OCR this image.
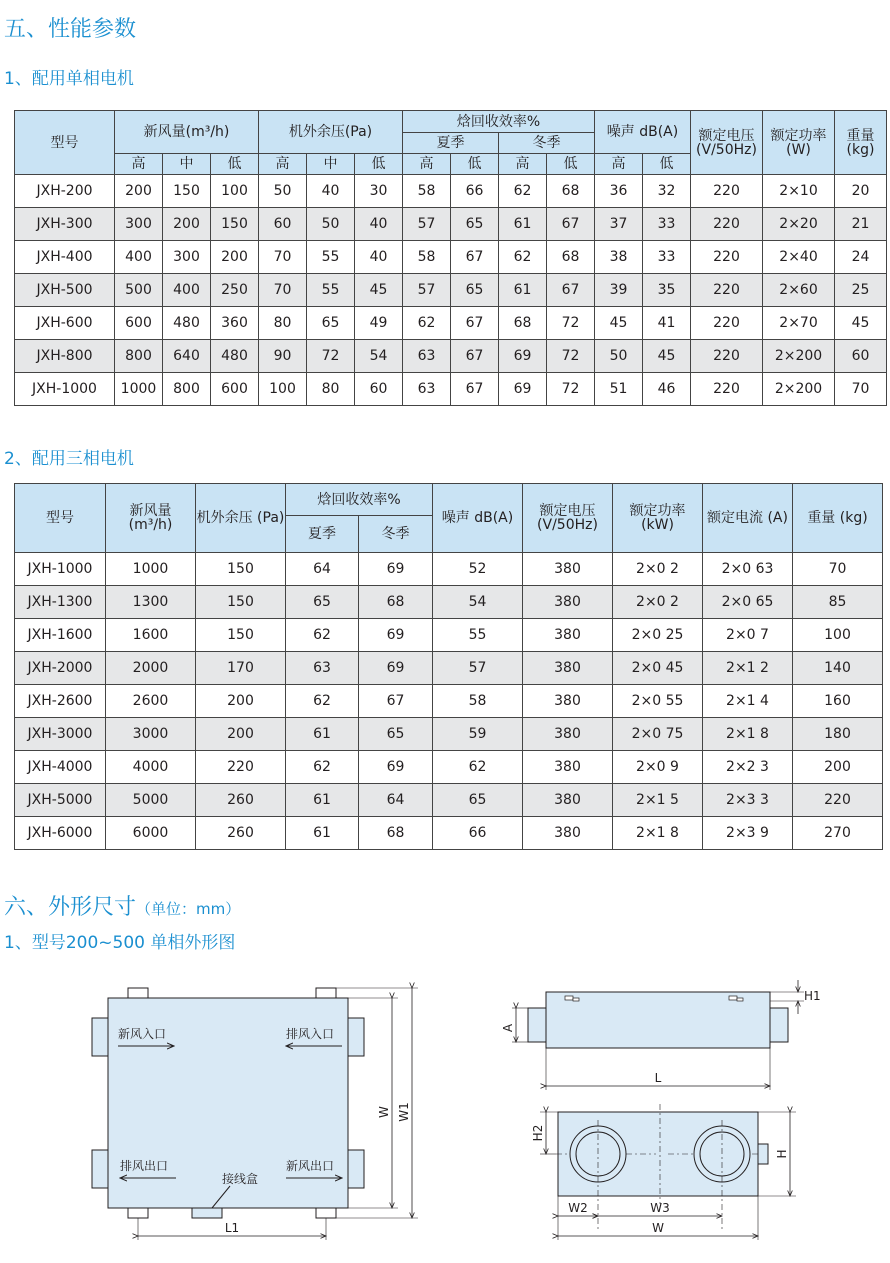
五、性能参数
1、配用单相电机
型号	新风量(m³/h)			机外余压(Pa)			焓回收效率%				噪声 dB(A)		额定电压 (V/50Hz)	额定功率 (W)	重量 (kg)
							夏季		冬季						
	高	中	低	高	中	低	高	低	高	低	高	低			
JXH-200	200	150	100	50	40	30	58	66	62	68	36	32	220	2×10	20
JXH-300	300	200	150	60	50	40	57	65	61	67	37	33	220	2×20	21
JXH-400	400	300	200	70	55	40	58	67	62	68	38	33	220	2×40	24
JXH-500	500	400	250	70	55	45	57	65	61	67	39	35	220	2×60	25
JXH-600	600	480	360	80	65	49	62	67	68	72	45	41	220	2×70	45
JXH-800	800	640	480	90	72	54	63	67	69	72	50	45	220	2×200	60
JXH-1000	1000	800	600	100	80	60	63	67	69	72	51	46	220	2×200	70
2、配用三相电机
型号	新风量 (m³/h)	机外余压 (Pa)	焓回收效率%		噪声 dB(A)	额定电压 (V/50Hz)	额定功率 (kW)	额定电流 (A)	重量 (kg)
			夏季	冬季					
JXH-1000	1000	150	64	69	52	380	2×0 2	2×0 63	70
JXH-1300	1300	150	65	68	54	380	2×0 2	2×0 65	85
JXH-1600	1600	150	62	69	55	380	2×0 25	2×0 7	100
JXH-2000	2000	170	63	69	57	380	2×0 45	2×1 2	140
JXH-2600	2600	200	62	67	58	380	2×0 55	2×1 4	160
JXH-3000	3000	200	61	65	59	380	2×0 75	2×1 8	180
JXH-4000	4000	220	62	69	62	380	2×0 9	2×2 3	200
JXH-5000	5000	260	61	64	65	380	2×1 5	2×3 3	220
JXH-6000	6000	260	61	68	66	380	2×1 8	2×3 9	270
六、外形尺寸（单位：mm）
1、型号200~500 单相外形图
新风入口	排风入口
排风出口	新风出口
接线盒
W W1
L1
H1
A
L
H2
H
W2	W3
W
